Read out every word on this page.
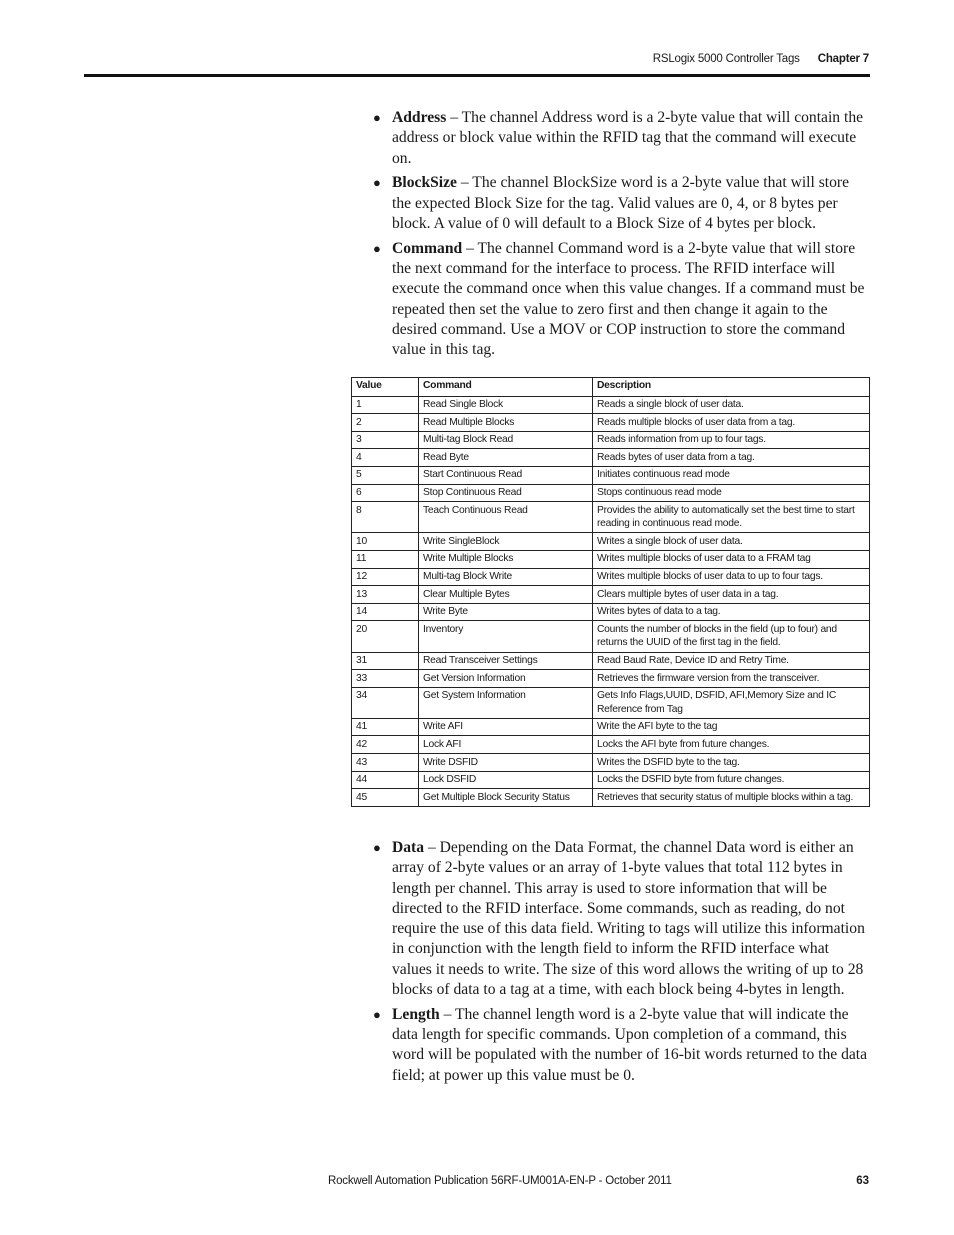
RSLogix 5000 Controller Tags Chapter 7

● Address – The channel Address word is a 2-byte value that will contain the address or block value within the RFID tag that the command will execute on.

● BlockSize – The channel BlockSize word is a 2-byte value that will store the expected Block Size for the tag. Valid values are 0, 4, or 8 bytes per block. A value of 0 will default to a Block Size of 4 bytes per block.

● Command – The channel Command word is a 2-byte value that will store the next command for the interface to process. The RFID interface will execute the command once when this value changes. If a command must be repeated then set the value to zero first and then change it again to the desired command. Use a MOV or COP instruction to store the command value in this tag.

Value	Command	Description
1	Read Single Block	Reads a single block of user data.
2	Read Multiple Blocks	Reads multiple blocks of user data from a tag.
3	Multi-tag Block Read	Reads information from up to four tags.
4	Read Byte	Reads bytes of user data from a tag.
5	Start Continuous Read	Initiates continuous read mode
6	Stop Continuous Read	Stops continuous read mode
8	Teach Continuous Read	Provides the ability to automatically set the best time to start reading in continuous read mode.
10	Write SingleBlock	Writes a single block of user data.
11	Write Multiple Blocks	Writes multiple blocks of user data to a FRAM tag
12	Multi-tag Block Write	Writes multiple blocks of user data to up to four tags.
13	Clear Multiple Bytes	Clears multiple bytes of user data in a tag.
14	Write Byte	Writes bytes of data to a tag.
20	Inventory	Counts the number of blocks in the field (up to four) and returns the UUID of the first tag in the field.
31	Read Transceiver Settings	Read Baud Rate, Device ID and Retry Time.
33	Get Version Information	Retrieves the firmware version from the transceiver.
34	Get System Information	Gets Info Flags,UUID, DSFID, AFI,Memory Size and IC Reference from Tag
41	Write AFI	Write the AFI byte to the tag
42	Lock AFI	Locks the AFI byte from future changes.
43	Write DSFID	Writes the DSFID byte to the tag.
44	Lock DSFID	Locks the DSFID byte from future changes.
45	Get Multiple Block Security Status	Retrieves that security status of multiple blocks within a tag.

● Data – Depending on the Data Format, the channel Data word is either an array of 2-byte values or an array of 1-byte values that total 112 bytes in length per channel. This array is used to store information that will be directed to the RFID interface. Some commands, such as reading, do not require the use of this data field. Writing to tags will utilize this information in conjunction with the length field to inform the RFID interface what values it needs to write. The size of this word allows the writing of up to 28 blocks of data to a tag at a time, with each block being 4-bytes in length.

● Length – The channel length word is a 2-byte value that will indicate the data length for specific commands. Upon completion of a command, this word will be populated with the number of 16-bit words returned to the data field; at power up this value must be 0.

Rockwell Automation Publication 56RF-UM001A-EN-P - October 2011	63
